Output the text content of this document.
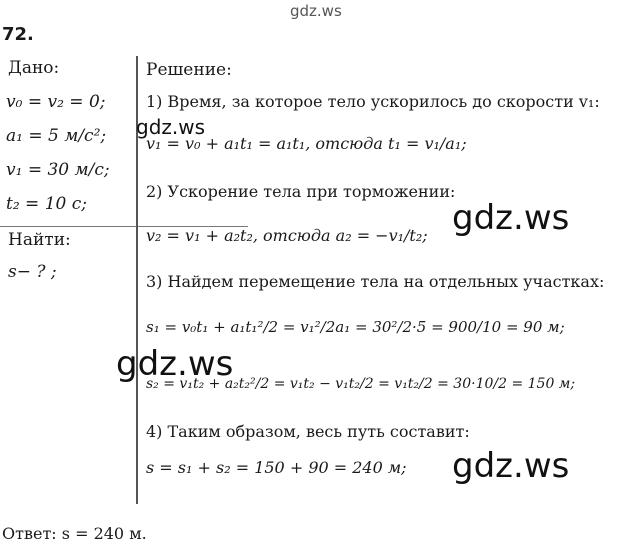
gdz.ws
72.
Дано:
v₀ = v₂ = 0;
a₁ = 5 м/с²;
v₁ = 30 м/с;
t₂ = 10 с;
Найти:
s− ? ;
Решение:
1) Время, за которое тело ускорилось до скорости v₁:
v₁ = v₀ + a₁t₁ = a₁t₁, отсюда t₁ = v₁/a₁;
2) Ускорение тела при торможении:
v₂ = v₁ + a₂t₂, отсюда a₂ = −v₁/t₂;
3) Найдем перемещение тела на отдельных участках:
s₁ = v₀t₁ + a₁t₁²/2 = v₁²/2a₁ = 30²/2·5 = 900/10 = 90 м;
s₂ = v₁t₂ + a₂t₂²/2 = v₁t₂ − v₁t₂/2 = v₁t₂/2 = 30·10/2 = 150 м;
4) Таким образом, весь путь составит:
s = s₁ + s₂ = 150 + 90 = 240 м;
Ответ: s = 240 м.
gdz.ws
gdz.ws
gdz.ws
gdz.ws
